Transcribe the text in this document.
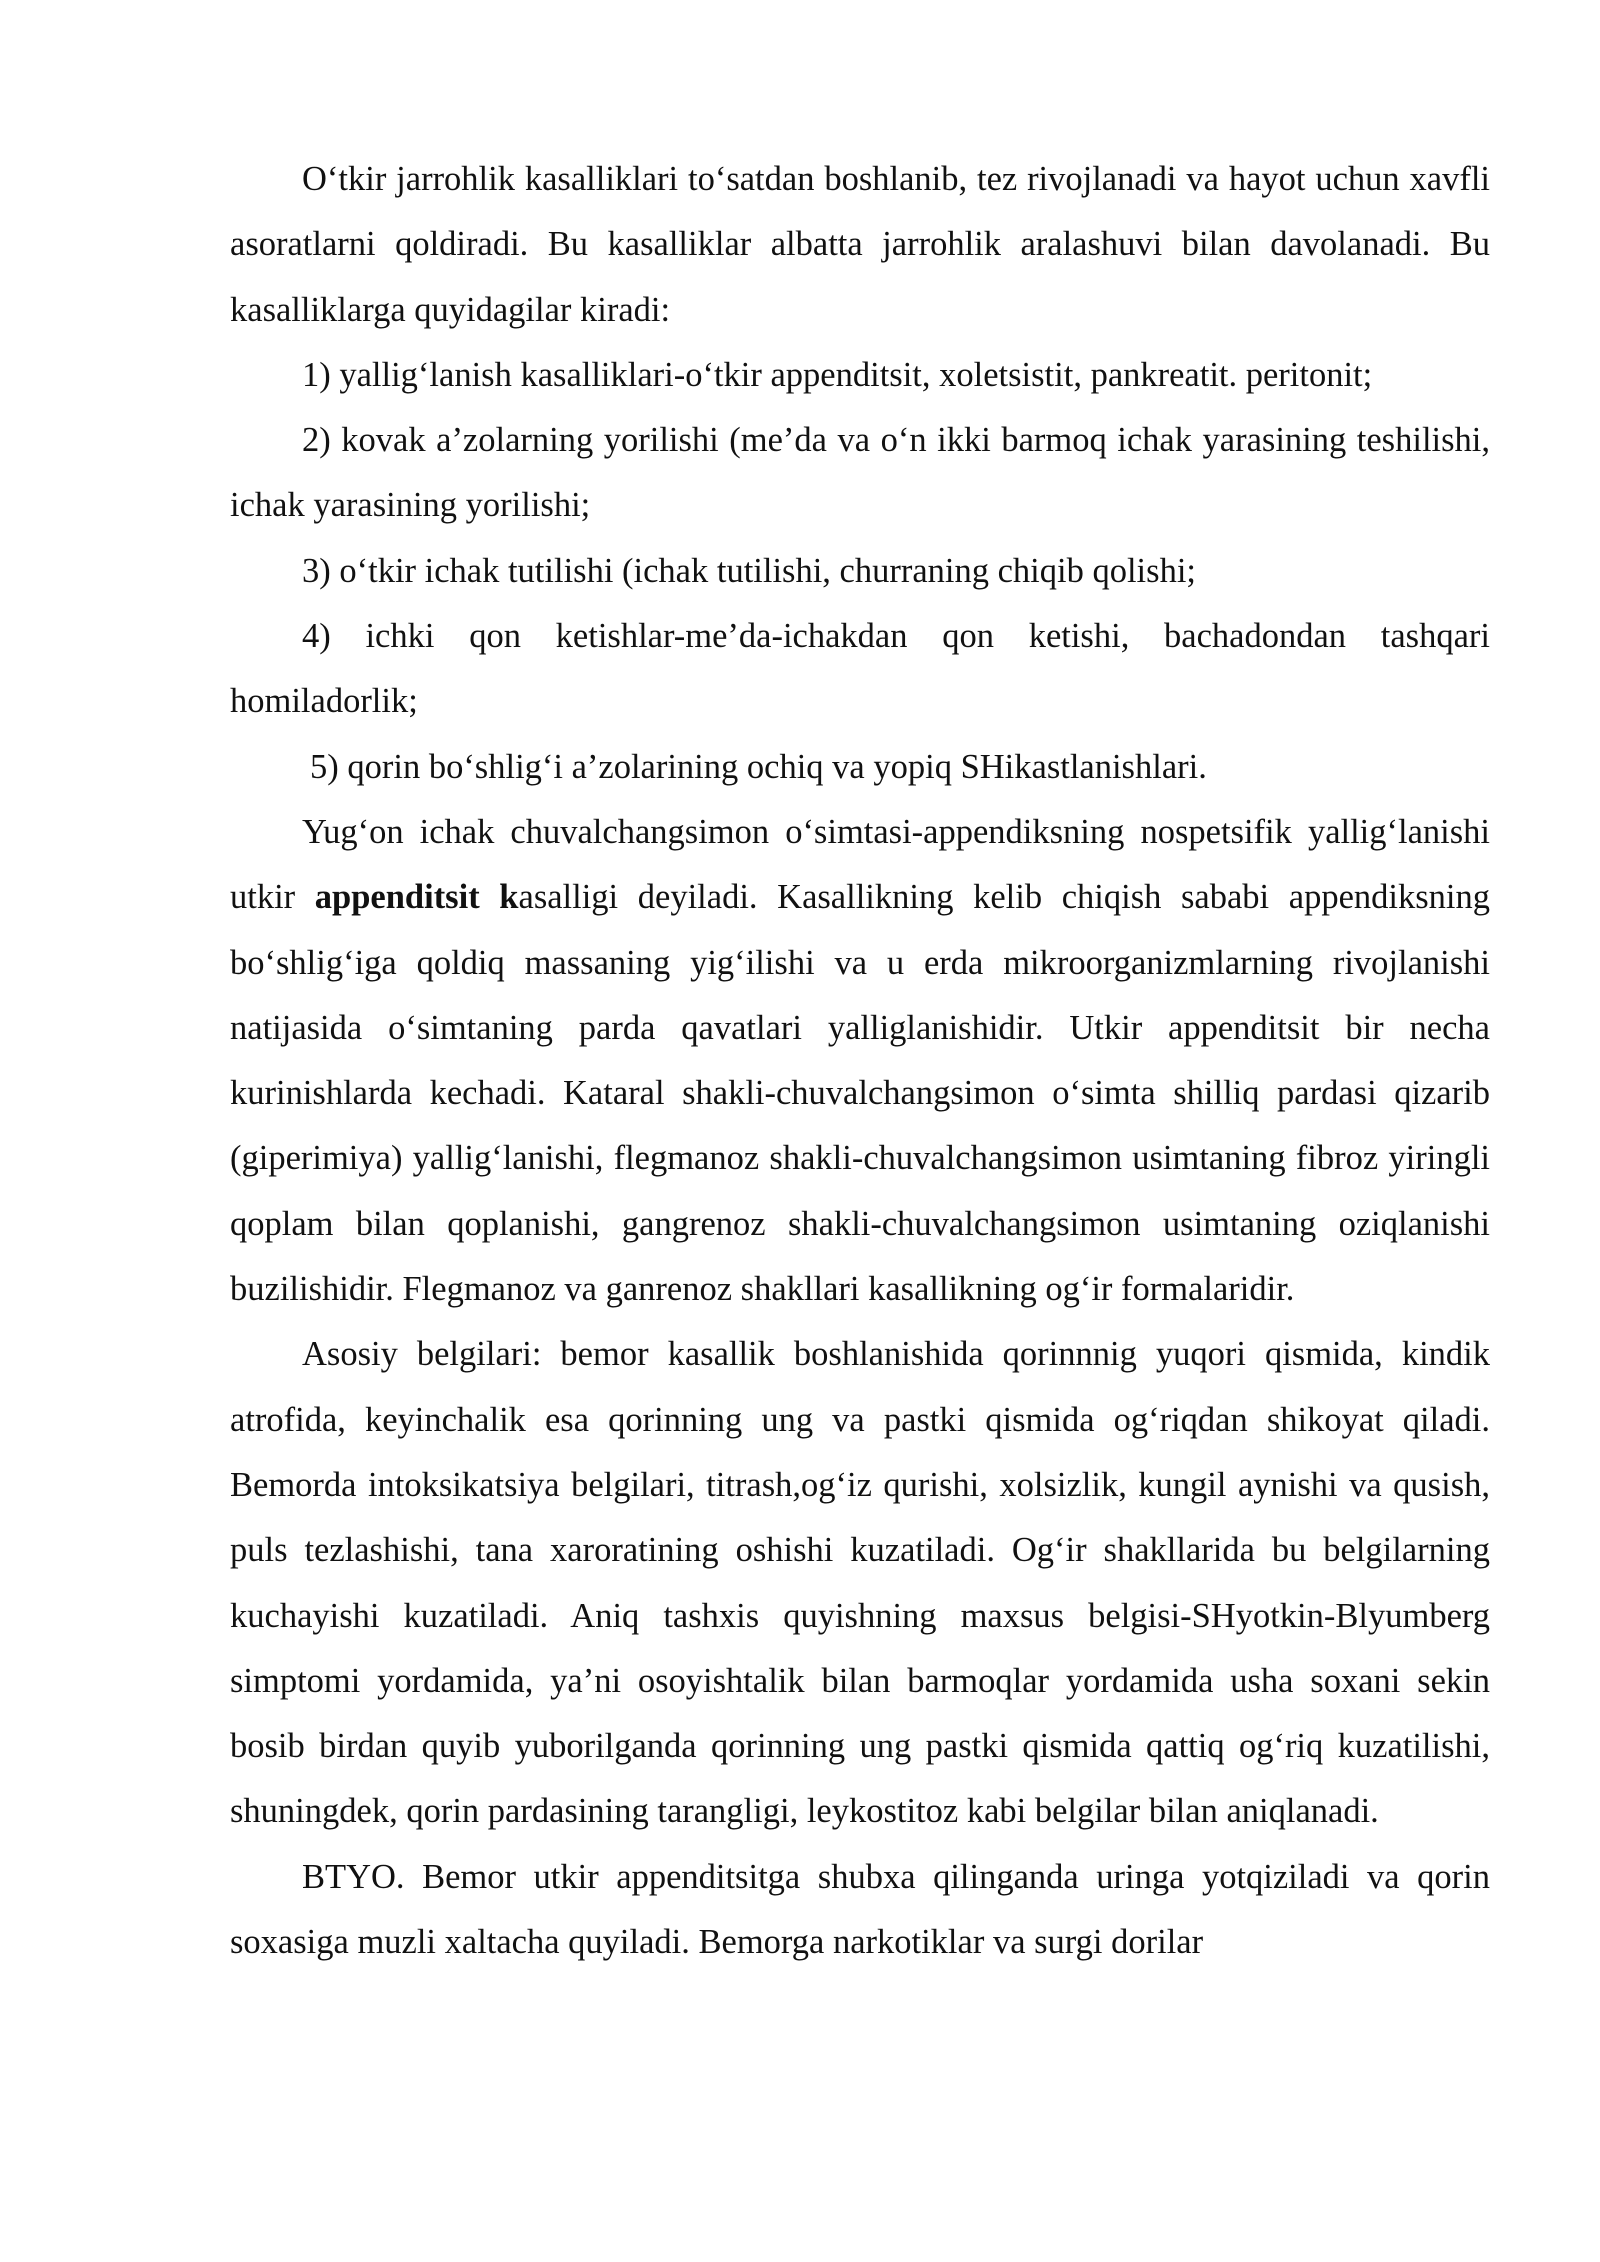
O‘tkir jarrohlik kasalliklari to‘satdan boshlanib, tez rivojlanadi va hayot uchun xavfli asoratlarni qoldiradi. Bu kasalliklar albatta jarrohlik aralashuvi bilan davolanadi. Bu kasalliklarga quyidagilar kiradi:

1) yallig‘lanish kasalliklari-o‘tkir appenditsit, xoletsistit, pankreatit. peritonit;

2) kovak a’zolarning yorilishi (me’da va o‘n ikki barmoq ichak yarasining teshilishi, ichak yarasining yorilishi;

3) o‘tkir ichak tutilishi (ichak tutilishi, churraning chiqib qolishi;

4) ichki qon ketishlar-me’da-ichakdan qon ketishi, bachadondan tashqari homiladorlik;

5) qorin bo‘shlig‘i a’zolarining ochiq va yopiq SHikastlanishlari.

Yug‘on ichak chuvalchangsimon o‘simtasi-appendiksning nospetsifik yallig‘lanishi utkir appenditsit kasalligi deyiladi. Kasallikning kelib chiqish sababi appendiksning bo‘shlig‘iga qoldiq massaning yig‘ilishi va u erda mikroorganizmlarning rivojlanishi natijasida o‘simtaning parda qavatlari yalliglanishidir. Utkir appenditsit bir necha kurinishlarda kechadi. Kataral shakli-chuvalchangsimon o‘simta shilliq pardasi qizarib (giperimiya) yallig‘lanishi, flegmanoz shakli-chuvalchangsimon usimtaning fibroz yiringli qoplam bilan qoplanishi, gangrenoz shakli-chuvalchangsimon usimtaning oziqlanishi buzilishidir. Flegmanoz va ganrenoz shakllari kasallikning og‘ir formalaridir.

Asosiy belgilari: bemor kasallik boshlanishida qorinnnig yuqori qismida, kindik atrofida, keyinchalik esa qorinning ung va pastki qismida og‘riqdan shikoyat qiladi. Bemorda intoksikatsiya belgilari, titrash,og‘iz qurishi, xolsizlik, kungil aynishi va qusish, puls tezlashishi, tana xaroratining oshishi kuzatiladi. Og‘ir shakllarida bu belgilarning kuchayishi kuzatiladi. Aniq tashxis quyishning maxsus belgisi-SHyotkin-Blyumberg simptomi yordamida, ya’ni osoyishtalik bilan barmoqlar yordamida usha soxani sekin bosib birdan quyib yuborilganda qorinning ung pastki qismida qattiq og‘riq kuzatilishi, shuningdek, qorin pardasining tarangligi, leykostitoz kabi belgilar bilan aniqlanadi.

BTYO. Bemor utkir appenditsitga shubxa qilinganda uringa yotqiziladi va qorin soxasiga muzli xaltacha quyiladi. Bemorga narkotiklar va surgi dorilar
